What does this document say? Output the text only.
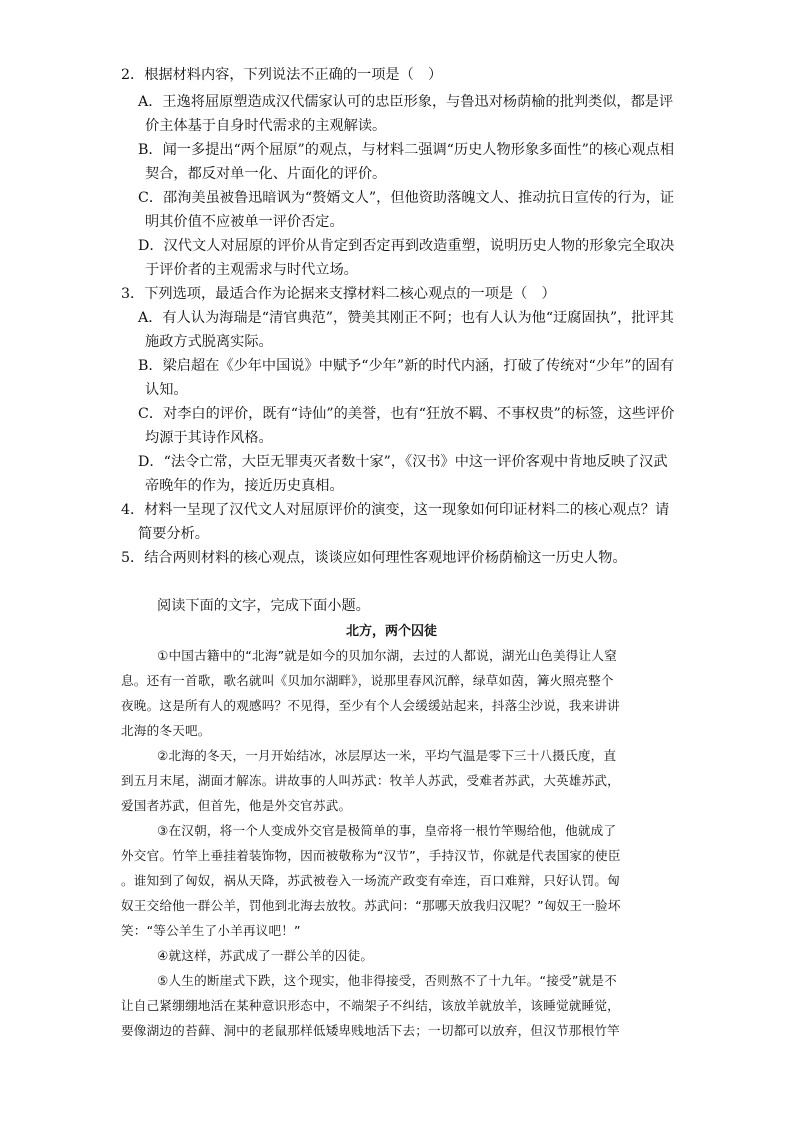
2．根据材料内容，下列说法不正确的一项是（　）
A．王逸将屈原塑造成汉代儒家认可的忠臣形象，与鲁迅对杨荫榆的批判类似，都是评
价主体基于自身时代需求的主观解读。
B．闻一多提出“两个屈原”的观点，与材料二强调“历史人物形象多面性”的核心观点相
契合，都反对单一化、片面化的评价。
C．邵洵美虽被鲁迅暗讽为“赘婿文人”，但他资助落魄文人、推动抗日宣传的行为，证
明其价值不应被单一评价否定。
D．汉代文人对屈原的评价从肯定到否定再到改造重塑，说明历史人物的形象完全取决
于评价者的主观需求与时代立场。
3．下列选项，最适合作为论据来支撑材料二核心观点的一项是（　）
A．有人认为海瑞是“清官典范”，赞美其刚正不阿；也有人认为他“迂腐固执”，批评其
施政方式脱离实际。
B．梁启超在《少年中国说》中赋予“少年”新的时代内涵，打破了传统对“少年”的固有
认知。
C．对李白的评价，既有“诗仙”的美誉，也有“狂放不羁、不事权贵”的标签，这些评价
均源于其诗作风格。
D．“法令亡常，大臣无罪夷灭者数十家”，《汉书》中这一评价客观中肯地反映了汉武
帝晚年的作为，接近历史真相。
4．材料一呈现了汉代文人对屈原评价的演变，这一现象如何印证材料二的核心观点？请
简要分析。
5．结合两则材料的核心观点，谈谈应如何理性客观地评价杨荫榆这一历史人物。
阅读下面的文字，完成下面小题。
北方，两个囚徒
①中国古籍中的“北海”就是如今的贝加尔湖，去过的人都说，湖光山色美得让人窒
息。还有一首歌，歌名就叫《贝加尔湖畔》，说那里春风沉醉，绿草如茵，篝火照亮整个
夜晚。这是所有人的观感吗？不见得，至少有个人会缓缓站起来，抖落尘沙说，我来讲讲
北海的冬天吧。
②北海的冬天，一月开始结冰，冰层厚达一米，平均气温是零下三十八摄氏度，直
到五月末尾，湖面才解冻。讲故事的人叫苏武：牧羊人苏武，受难者苏武，大英雄苏武，
爱国者苏武，但首先，他是外交官苏武。
③在汉朝，将一个人变成外交官是极简单的事，皇帝将一根竹竿赐给他，他就成了
外交官。竹竿上垂挂着装饰物，因而被敬称为“汉节”，手持汉节，你就是代表国家的使臣
。谁知到了匈奴，祸从天降，苏武被卷入一场流产政变有牵连，百口难辩，只好认罚。匈
奴王交给他一群公羊，罚他到北海去放牧。苏武问：“那哪天放我归汉呢？”匈奴王一脸坏
笑：“等公羊生了小羊再议吧！”
④就这样，苏武成了一群公羊的囚徒。
⑤人生的断崖式下跌，这个现实，他非得接受，否则熬不了十九年。“接受”就是不
让自己紧绷绷地活在某种意识形态中，不端架子不纠结，该放羊就放羊，该睡觉就睡觉，
要像湖边的苔藓、洞中的老鼠那样低矮卑贱地活下去；一切都可以放弃，但汉节那根竹竿
